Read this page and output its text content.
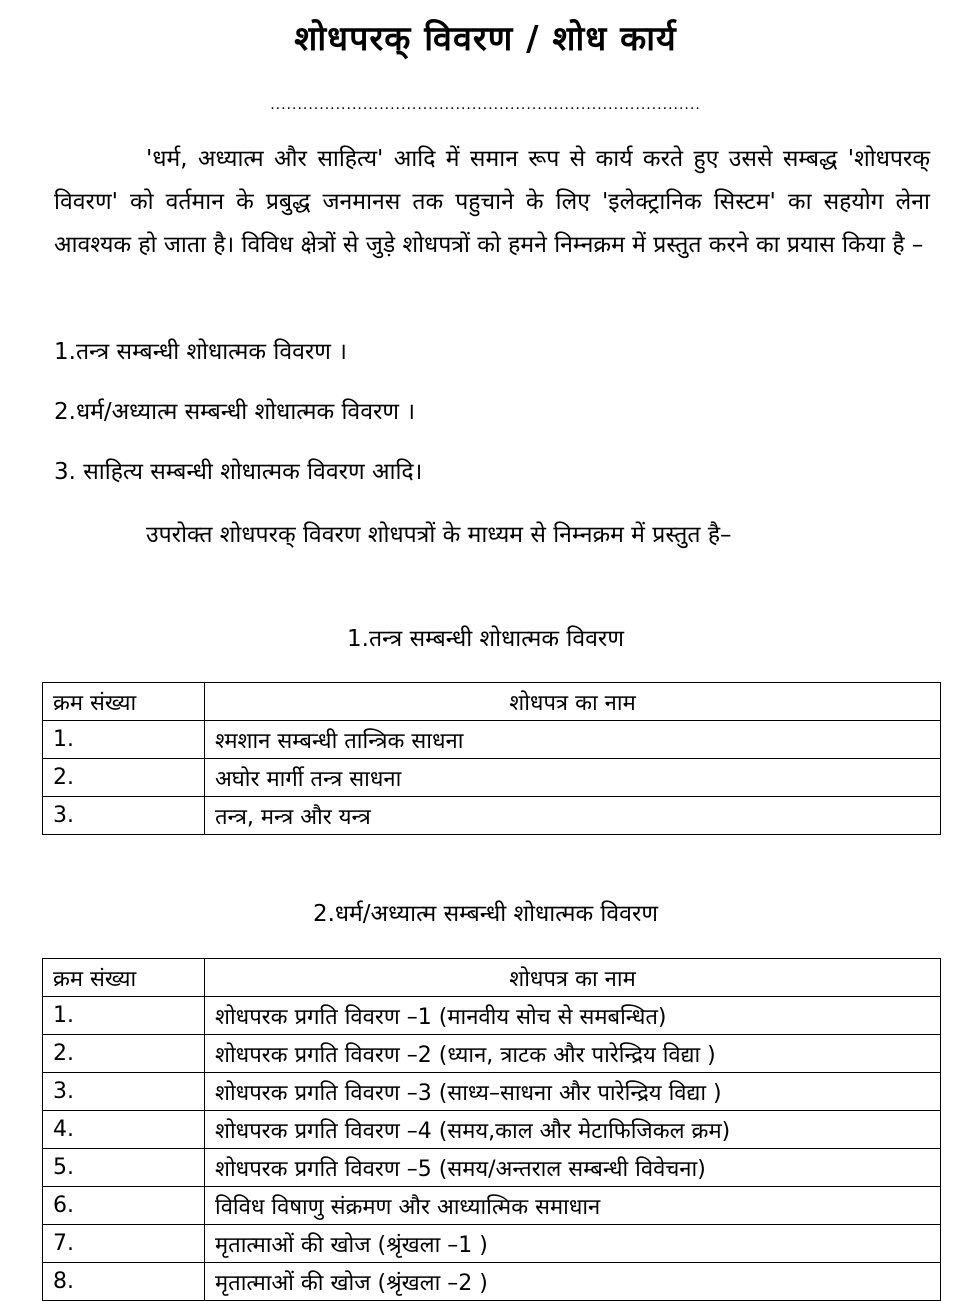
शोधपरक् विवरण / शोध कार्य
...............................................................................

'धर्म, अध्यात्म और साहित्य' आदि में समान रूप से कार्य करते हुए उससे सम्बद्ध 'शोधपरक् विवरण' को वर्तमान के प्रबुद्ध जनमानस तक पहुचाने के लिए 'इलेक्ट्रानिक सिस्टम' का सहयोग लेना आवश्यक हो जाता है। विविध क्षेत्रों से जुड़े शोधपत्रों को हमने निम्नक्रम में प्रस्तुत करने का प्रयास किया है –

1.तन्त्र सम्बन्धी शोधात्मक विवरण ।
2.धर्म/अध्यात्म सम्बन्धी शोधात्मक विवरण ।
3. साहित्य सम्बन्धी शोधात्मक विवरण आदि।

उपरोक्त शोधपरक् विवरण शोधपत्रों के माध्यम से निम्नक्रम में प्रस्तुत है–

1.तन्त्र सम्बन्धी शोधात्मक विवरण
क्रम संख्या	शोधपत्र का नाम
1.	श्मशान सम्बन्धी तान्त्रिक साधना
2.	अघोर मार्गी तन्त्र साधना
3.	तन्त्र, मन्त्र और यन्त्र
2.धर्म/अध्यात्म सम्बन्धी शोधात्मक विवरण
क्रम संख्या	शोधपत्र का नाम
1.	शोधपरक प्रगति विवरण –1 (मानवीय सोच से समबन्धित)
2.	शोधपरक प्रगति विवरण –2 (ध्यान, त्राटक और पारेन्द्रिय विद्या )
3.	शोधपरक प्रगति विवरण –3 (साध्य–साधना और पारेन्द्रिय विद्या )
4.	शोधपरक प्रगति विवरण –4 (समय,काल और मेटाफिजिकल क्रम)
5.	शोधपरक प्रगति विवरण –5 (समय/अन्तराल सम्बन्धी विवेचना)
6.	विविध विषाणु संक्रमण और आध्यात्मिक समाधान
7.	मृतात्माओं की खोज (श्रृंखला –1 )
8.	मृतात्माओं की खोज (श्रृंखला –2 )
